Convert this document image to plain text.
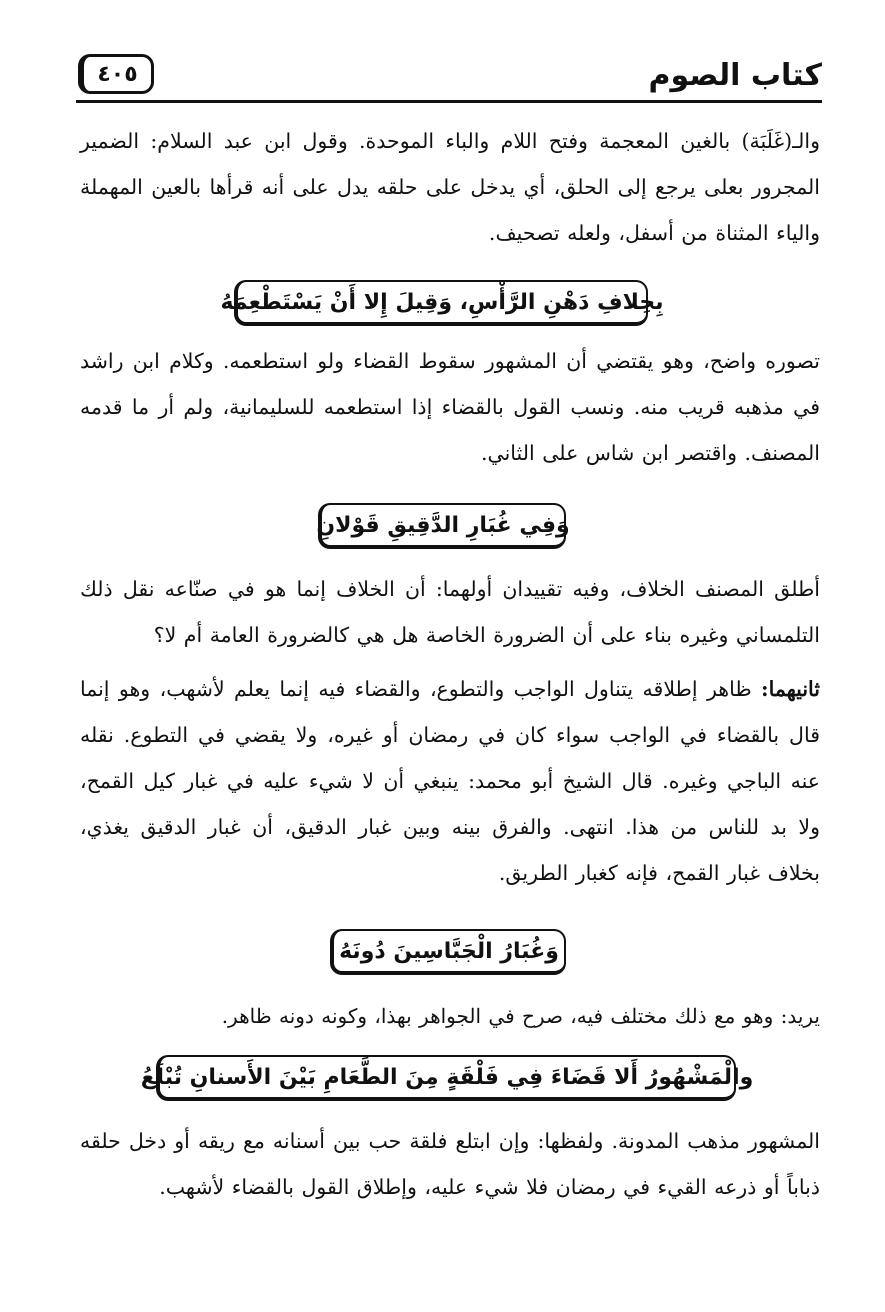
كتاب الصوم
٤٠٥

والـ(غَلَبَة) بالغين المعجمة وفتح اللام والباء الموحدة. وقول ابن عبد السلام: الضمير المجرور بعلى يرجع إلى الحلق، أي يدخل على حلقه يدل على أنه قرأها بالعين المهملة والياء المثناة من أسفل، ولعله تصحيف.

بِخِلافِ دَهْنِ الرَّأْسِ، وَقِيلَ إِلا أَنْ يَسْتَطْعِمَهُ

تصوره واضح، وهو يقتضي أن المشهور سقوط القضاء ولو استطعمه. وكلام ابن راشد في مذهبه قريب منه. ونسب القول بالقضاء إذا استطعمه للسليمانية، ولم أر ما قدمه المصنف. واقتصر ابن شاس على الثاني.

وَفِي غُبَارِ الدَّقِيقِ قَوْلانِ

أطلق المصنف الخلاف، وفيه تقييدان أولهما: أن الخلاف إنما هو في صنّاعه نقل ذلك التلمساني وغيره بناء على أن الضرورة الخاصة هل هي كالضرورة العامة أم لا؟

ثانيهما: ظاهر إطلاقه يتناول الواجب والتطوع، والقضاء فيه إنما يعلم لأشهب، وهو إنما قال بالقضاء في الواجب سواء كان في رمضان أو غيره، ولا يقضي في التطوع. نقله عنه الباجي وغيره. قال الشيخ أبو محمد: ينبغي أن لا شيء عليه في غبار كيل القمح، ولا بد للناس من هذا. انتهى. والفرق بينه وبين غبار الدقيق، أن غبار الدقيق يغذي، بخلاف غبار القمح، فإنه كغبار الطريق.

وَغُبَارُ الْجَبَّاسِينَ دُونَهُ

يريد: وهو مع ذلك مختلف فيه، صرح في الجواهر بهذا، وكونه دونه ظاهر.

والْمَشْهُورُ أَلا قَضَاءَ فِي فَلْقَةٍ مِنَ الطَّعَامِ بَيْنَ الأَسنانِ تُبْلَعُ

المشهور مذهب المدونة. ولفظها: وإن ابتلع فلقة حب بين أسنانه مع ريقه أو دخل حلقه ذباباً أو ذرعه القيء في رمضان فلا شيء عليه، وإطلاق القول بالقضاء لأشهب.
